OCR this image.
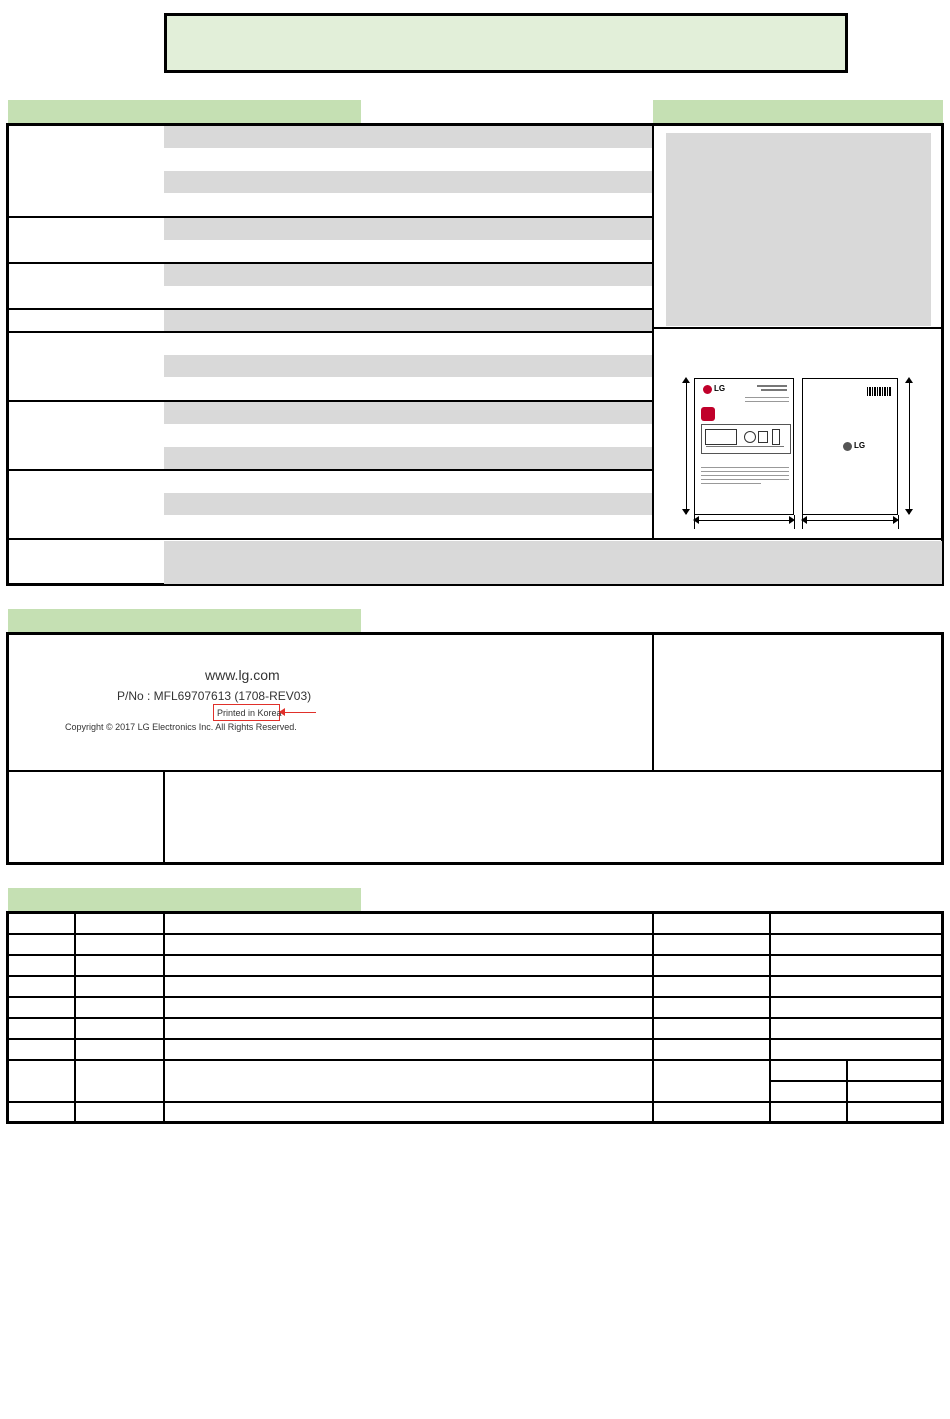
LG
LG
www.lg.com
P/No : MFL69707613 (1708-REV03)
Printed in Korea
Copyright © 2017 LG Electronics Inc. All Rights Reserved.
